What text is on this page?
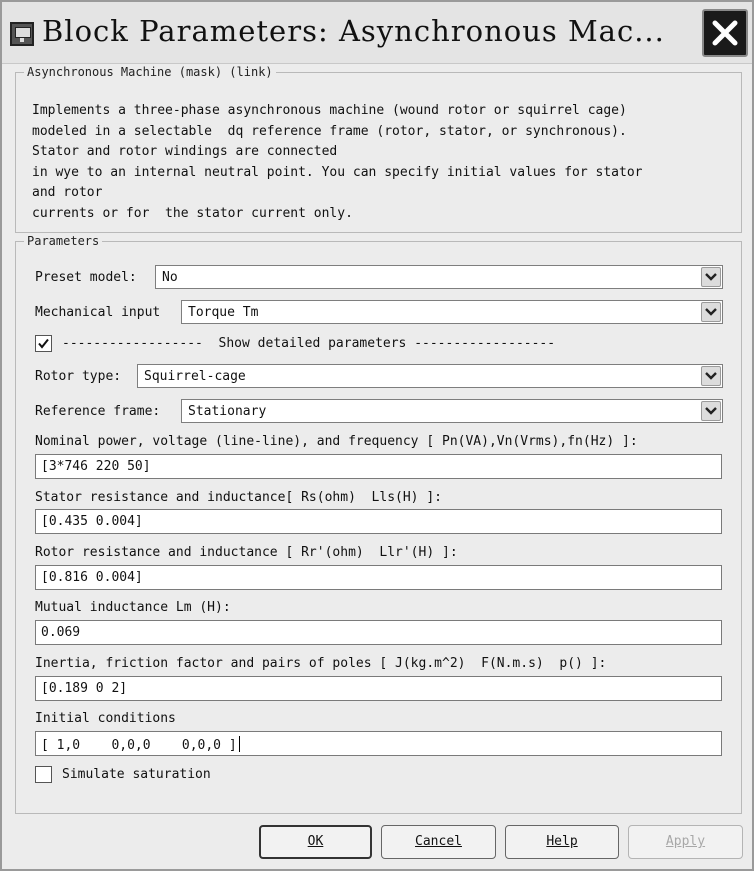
Block Parameters: Asynchronous Mac...
Asynchronous Machine (mask) (link)
Implements a three-phase asynchronous machine (wound rotor or squirrel cage)
modeled in a selectable  dq reference frame (rotor, stator, or synchronous).
Stator and rotor windings are connected
in wye to an internal neutral point. You can specify initial values for stator
and rotor
currents or for  the stator current only.
Parameters
Preset model: No
Mechanical input Torque Tm
------------------  Show detailed parameters ------------------
Rotor type: Squirrel-cage
Reference frame: Stationary
Nominal power, voltage (line-line), and frequency [ Pn(VA),Vn(Vrms),fn(Hz) ]:
[3*746 220 50]
Stator resistance and inductance[ Rs(ohm)  Lls(H) ]:
[0.435 0.004]
Rotor resistance and inductance [ Rr'(ohm)  Llr'(H) ]:
[0.816 0.004]
Mutual inductance Lm (H):
0.069
Inertia, friction factor and pairs of poles [ J(kg.m^2)  F(N.m.s)  p() ]:
[0.189 0 2]
Initial conditions
[ 1,0    0,0,0    0,0,0 ]
Simulate saturation
OK	Cancel	Help	Apply
